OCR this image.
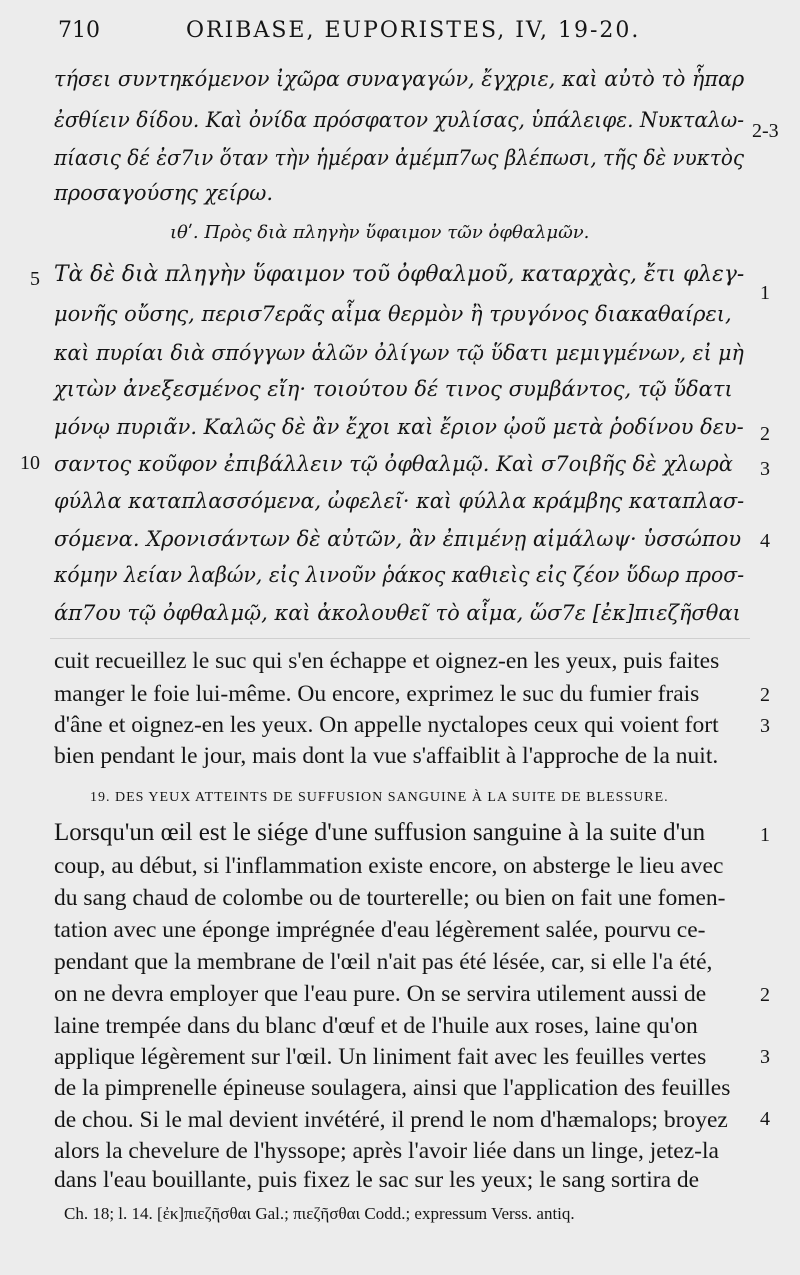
710	ORIBASE, EUPORISTES, IV, 19-20.
τήσει συντηκόμενον ἰχῶρα συναγαγών, ἔγχριε, καὶ αὐτὸ τὸ ἧπαρ
ἐσθίειν δίδου. Καὶ ὀνίδα πρόσφατον χυλίσας, ὑπάλειφε. Νυκταλω-
πίασις δέ ἐσ7ιν ὅταν τὴν ἡμέραν ἀμέμπ7ως βλέπωσι, τῆς δὲ νυκτὸς
προσαγούσης χείρω.
2-3
ιθʹ. Πρὸς διὰ πληγὴν ὕφαιμον τῶν ὀφθαλμῶν.
Τὰ δὲ διὰ πληγὴν ὕφαιμον τοῦ ὀφθαλμοῦ, καταρχὰς, ἔτι φλεγ-
μονῆς οὔσης, περισ7ερᾶς αἷμα θερμὸν ἢ τρυγόνος διακαθαίρει,
καὶ πυρίαι διὰ σπόγγων ἁλῶν ὀλίγων τῷ ὕδατι μεμιγμένων, εἰ μὴ
χιτὼν ἀνεξεσμένος εἴη· τοιούτου δέ τινος συμβάντος, τῷ ὕδατι
μόνῳ πυριᾶν. Καλῶς δὲ ἂν ἔχοι καὶ ἔριον ᾠοῦ μετὰ ῥοδίνου δευ-
σαντος κοῦφον ἐπιβάλλειν τῷ ὀφθαλμῷ. Καὶ σ7οιβῆς δὲ χλωρὰ
φύλλα καταπλασσόμενα, ὠφελεῖ· καὶ φύλλα κράμβης καταπλασ-
σόμενα. Χρονισάντων δὲ αὐτῶν, ἂν ἐπιμένῃ αἱμάλωψ· ὑσσώπου
κόμην λείαν λαβών, εἰς λινοῦν ῥάκος καθιεὶς εἰς ζέον ὕδωρ προσ-
άπ7ου τῷ ὀφθαλμῷ, καὶ ἀκολουθεῖ τὸ αἷμα, ὥσ7ε [ἐκ]πιεζῆσθαι
5
10
1
2
3
4
cuit recueillez le suc qui s'en échappe et oignez-en les yeux, puis faites
manger le foie lui-même. Ou encore, exprimez le suc du fumier frais
d'âne et oignez-en les yeux. On appelle nyctalopes ceux qui voient fort
bien pendant le jour, mais dont la vue s'affaiblit à l'approche de la nuit.
2
3
19. DES YEUX ATTEINTS DE SUFFUSION SANGUINE À LA SUITE DE BLESSURE.
Lorsqu'un œil est le siége d'une suffusion sanguine à la suite d'un
coup, au début, si l'inflammation existe encore, on absterge le lieu avec
du sang chaud de colombe ou de tourterelle; ou bien on fait une fomen-
tation avec une éponge imprégnée d'eau légèrement salée, pourvu ce-
pendant que la membrane de l'œil n'ait pas été lésée, car, si elle l'a été,
on ne devra employer que l'eau pure. On se servira utilement aussi de
laine trempée dans du blanc d'œuf et de l'huile aux roses, laine qu'on
applique légèrement sur l'œil. Un liniment fait avec les feuilles vertes
de la pimprenelle épineuse soulagera, ainsi que l'application des feuilles
de chou. Si le mal devient invétéré, il prend le nom d'hæmalops; broyez
alors la chevelure de l'hyssope; après l'avoir liée dans un linge, jetez-la
dans l'eau bouillante, puis fixez le sac sur les yeux; le sang sortira de
1
2
3
4
Ch. 18; l. 14. [ἐκ]πιεζῆσθαι Gal.; πιεζῆσθαι Codd.; expressum Verss. antiq.
